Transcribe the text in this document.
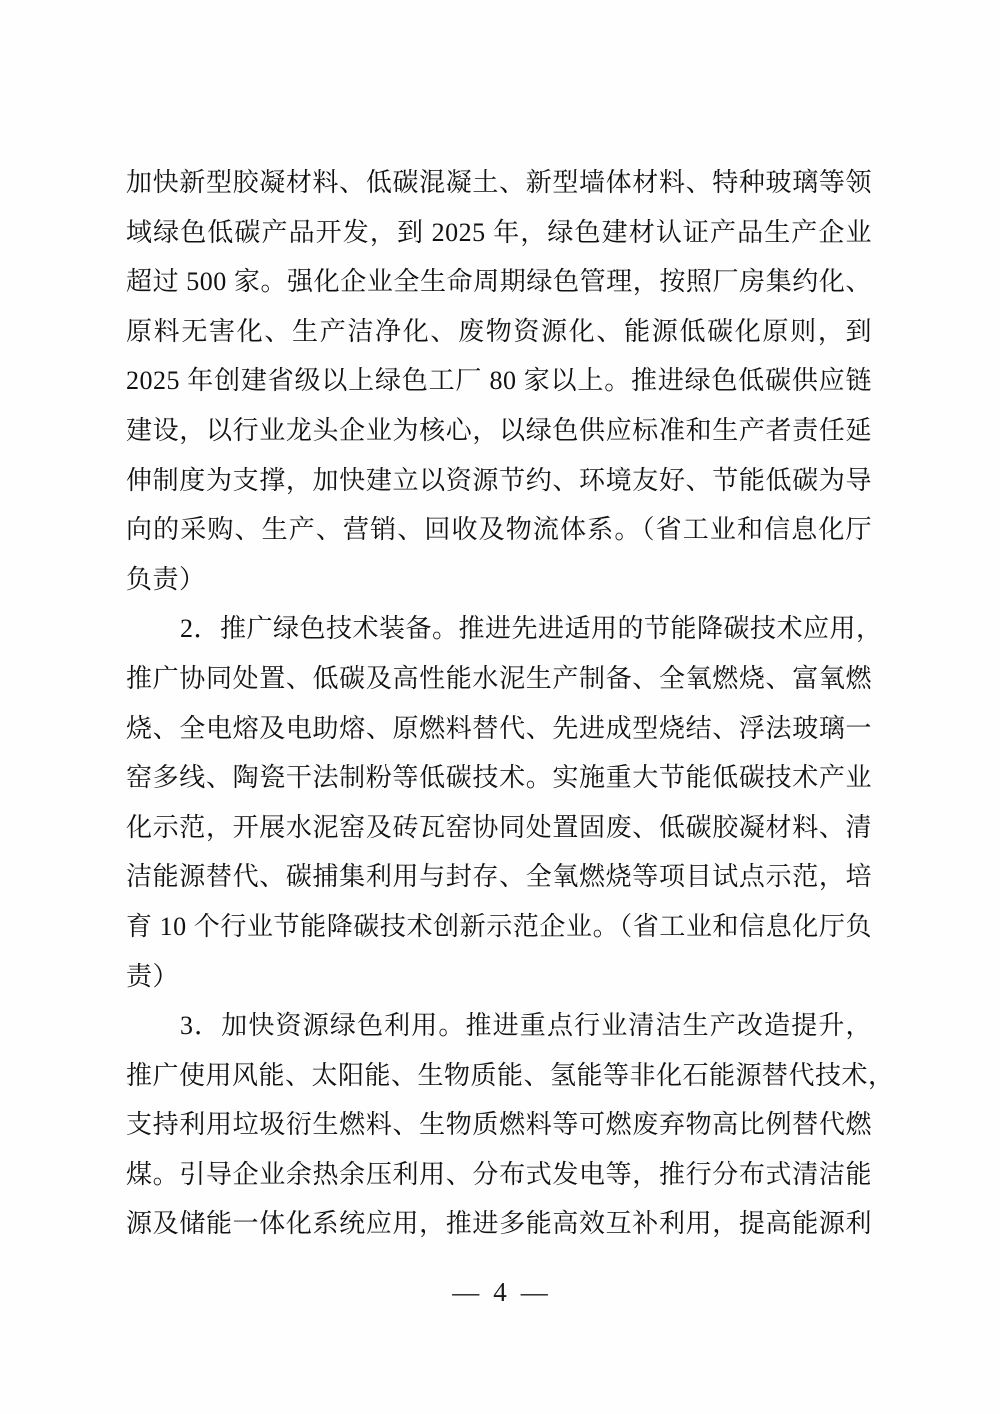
加快新型胶凝材料、低碳混凝土、新型墙体材料、特种玻璃等领
域绿色低碳产品开发，到 2025 年，绿色建材认证产品生产企业
超过 500 家。强化企业全生命周期绿色管理，按照厂房集约化、
原料无害化、生产洁净化、废物资源化、能源低碳化原则，到
2025 年创建省级以上绿色工厂 80 家以上。推进绿色低碳供应链
建设，以行业龙头企业为核心，以绿色供应标准和生产者责任延
伸制度为支撑，加快建立以资源节约、环境友好、节能低碳为导
向的采购、生产、营销、回收及物流体系。（省工业和信息化厅
负责）
2．推广绿色技术装备。推进先进适用的节能降碳技术应用，
推广协同处置、低碳及高性能水泥生产制备、全氧燃烧、富氧燃
烧、全电熔及电助熔、原燃料替代、先进成型烧结、浮法玻璃一
窑多线、陶瓷干法制粉等低碳技术。实施重大节能低碳技术产业
化示范，开展水泥窑及砖瓦窑协同处置固废、低碳胶凝材料、清
洁能源替代、碳捕集利用与封存、全氧燃烧等项目试点示范，培
育 10 个行业节能降碳技术创新示范企业。（省工业和信息化厅负
责）
3．加快资源绿色利用。推进重点行业清洁生产改造提升，
推广使用风能、太阳能、生物质能、氢能等非化石能源替代技术，
支持利用垃圾衍生燃料、生物质燃料等可燃废弃物高比例替代燃
煤。引导企业余热余压利用、分布式发电等，推行分布式清洁能
源及储能一体化系统应用，推进多能高效互补利用，提高能源利
— 4 —
